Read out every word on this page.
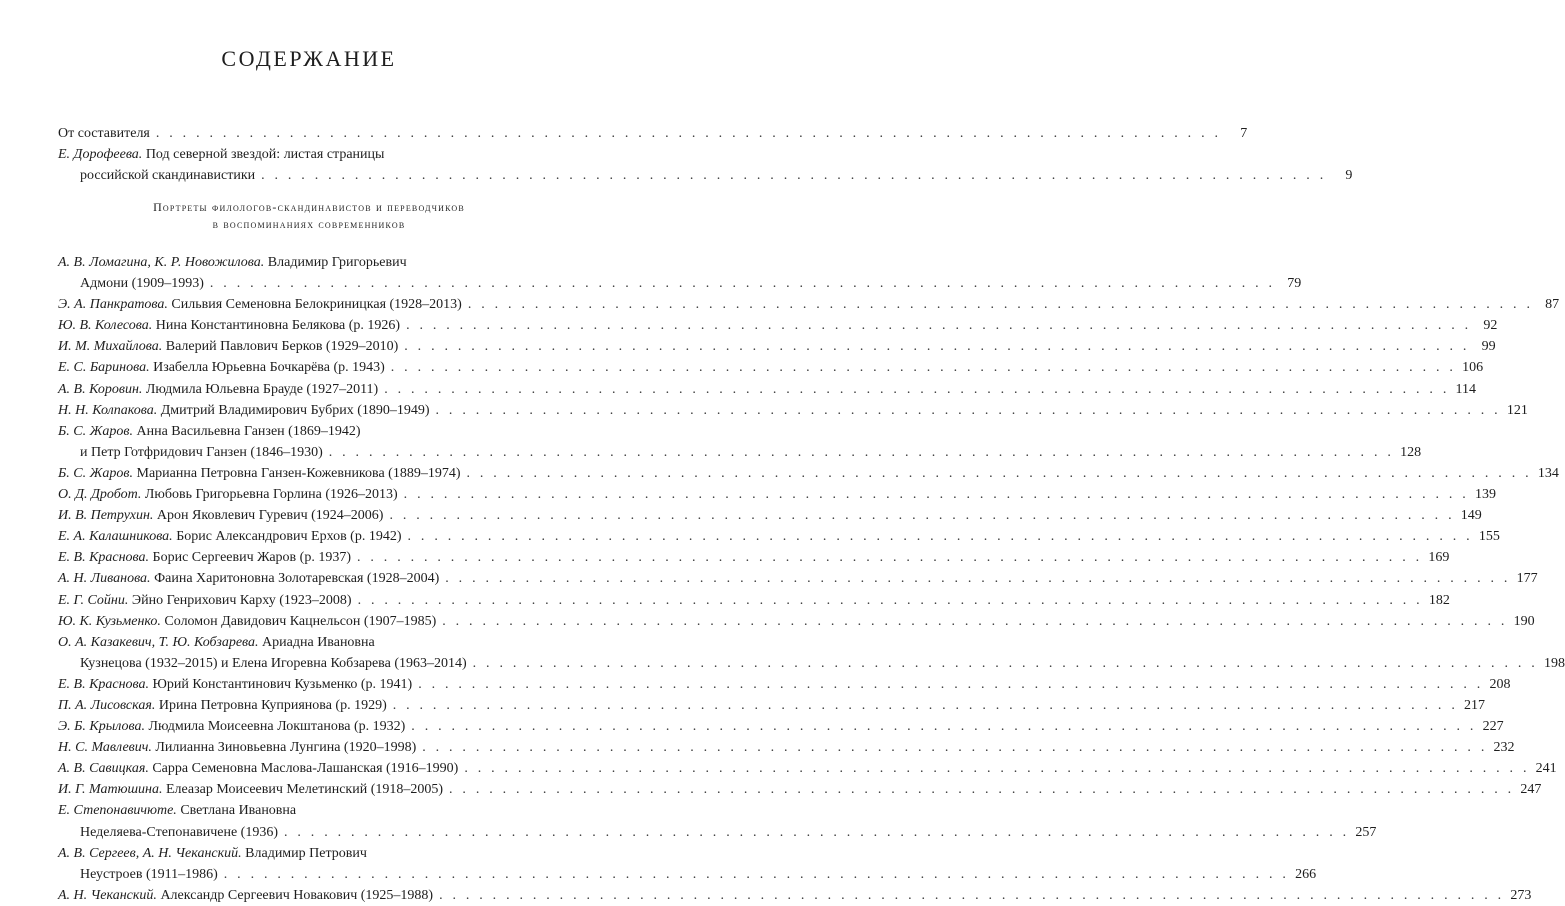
СОДЕРЖАНИЕ
От составителя . . .	7
Е. Дорофеева. Под северной звездой: листая страницы
российской скандинавистики . . .	9
Портреты филологов-скандинавистов и переводчиков
в воспоминаниях современников
А. В. Ломагина, К. Р. Новожилова. Владимир Григорьевич
Адмони (1909–1993) . . .	79
Э. А. Панкратова. Сильвия Семеновна Белокриницкая (1928–2013) . . .	87
Ю. В. Колесова. Нина Константиновна Белякова (р. 1926) . . .	92
И. М. Михайлова. Валерий Павлович Берков (1929–2010) . . .	99
Е. С. Баринова. Изабелла Юрьевна Бочкарёва (р. 1943) . . .	106
А. В. Коровин. Людмила Юльевна Брауде (1927–2011) . . .	114
Н. Н. Колпакова. Дмитрий Владимирович Бубрих (1890–1949) . . .	121
Б. С. Жаров. Анна Васильевна Ганзен (1869–1942)
и Петр Готфридович Ганзен (1846–1930) . . .	128
Б. С. Жаров. Марианна Петровна Ганзен-Кожевникова (1889–1974) . . .	134
О. Д. Дробот. Любовь Григорьевна Горлина (1926–2013) . . .	139
И. В. Петрухин. Арон Яковлевич Гуревич (1924–2006) . . .	149
Е. А. Калашникова. Борис Александрович Ерхов (р. 1942) . . .	155
Е. В. Краснова. Борис Сергеевич Жаров (р. 1937) . . .	169
А. Н. Ливанова. Фаина Харитоновна Золотаревская (1928–2004) . . .	177
Е. Г. Сойни. Эйно Генрихович Карху (1923–2008) . . .	182
Ю. К. Кузьменко. Соломон Давидович Кацнельсон (1907–1985) . . .	190
О. А. Казакевич, Т. Ю. Кобзарева. Ариадна Ивановна
Кузнецова (1932–2015) и Елена Игоревна Кобзарева (1963–2014) . . .	198
Е. В. Краснова. Юрий Константинович Кузьменко (р. 1941) . . .	208
П. А. Лисовская. Ирина Петровна Куприянова (р. 1929) . . .	217
Э. Б. Крылова. Людмила Моисеевна Локштанова (р. 1932) . . .	227
Н. С. Мавлевич. Лилианна Зиновьевна Лунгина (1920–1998) . . .	232
А. В. Савицкая. Сарра Семеновна Маслова-Лашанская (1916–1990) . . .	241
И. Г. Матюшина. Елеазар Моисеевич Мелетинский (1918–2005) . . .	247
Е. Степонавичюте. Светлана Ивановна
Неделяева-Степонавичене (1936) . . .	257
А. В. Сергеев, А. Н. Чеканский. Владимир Петрович
Неустроев (1911–1986) . . .	266
А. Н. Чеканский. Александр Сергеевич Новакович (1925–1988) . . .	273
